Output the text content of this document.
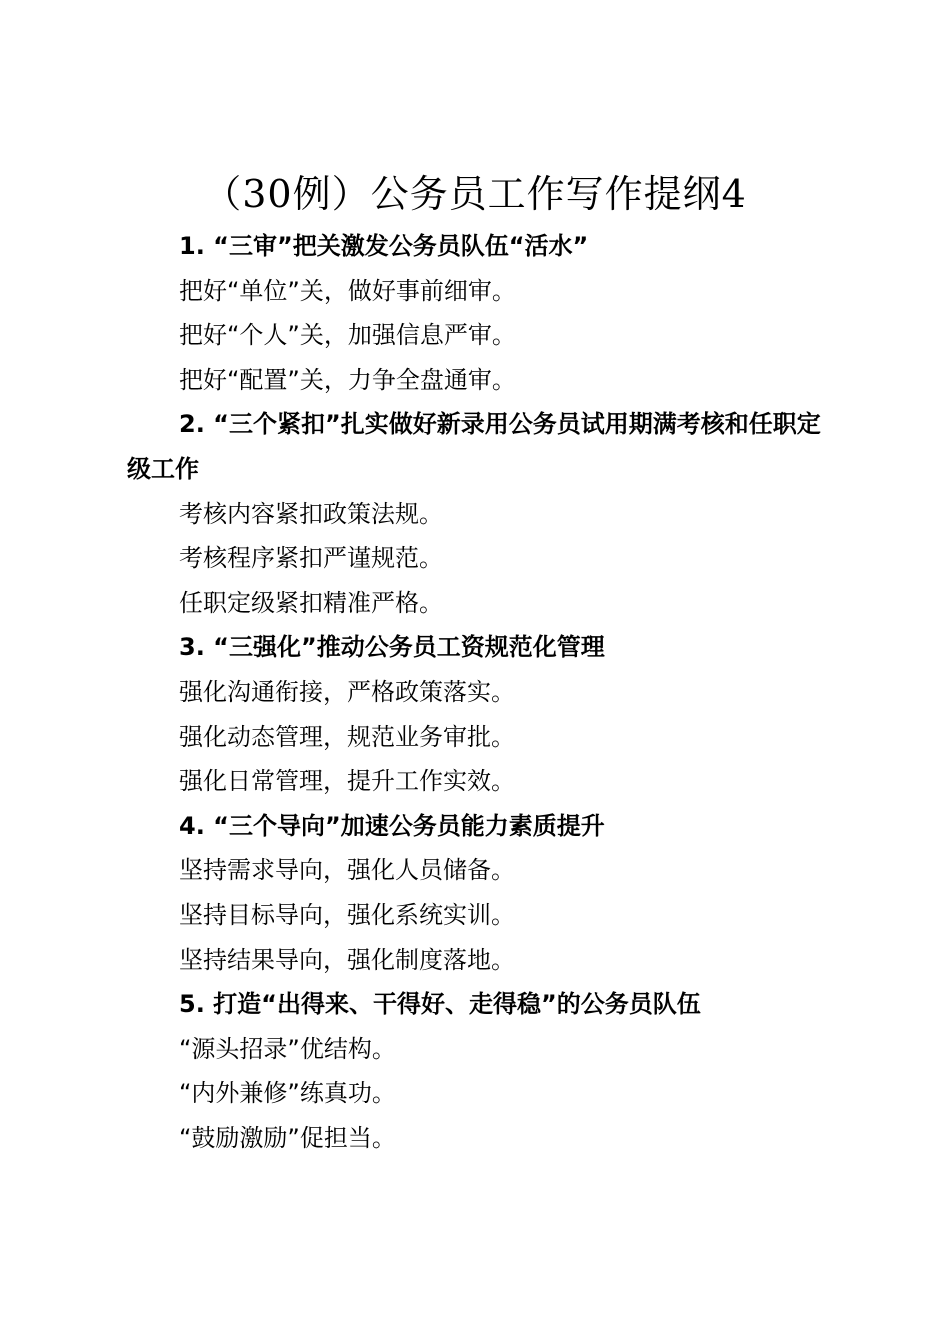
（30例）公务员工作写作提纲4

1. “三审”把关激发公务员队伍“活水”

把好“单位”关，做好事前细审。

把好“个人”关，加强信息严审。

把好“配置”关，力争全盘通审。

2. “三个紧扣”扎实做好新录用公务员试用期满考核和任职定级工作

考核内容紧扣政策法规。

考核程序紧扣严谨规范。

任职定级紧扣精准严格。

3. “三强化”推动公务员工资规范化管理

强化沟通衔接，严格政策落实。

强化动态管理，规范业务审批。

强化日常管理，提升工作实效。

4. “三个导向”加速公务员能力素质提升

坚持需求导向，强化人员储备。

坚持目标导向，强化系统实训。

坚持结果导向，强化制度落地。

5. 打造“出得来、干得好、走得稳”的公务员队伍

“源头招录”优结构。

“内外兼修”练真功。

“鼓励激励”促担当。
